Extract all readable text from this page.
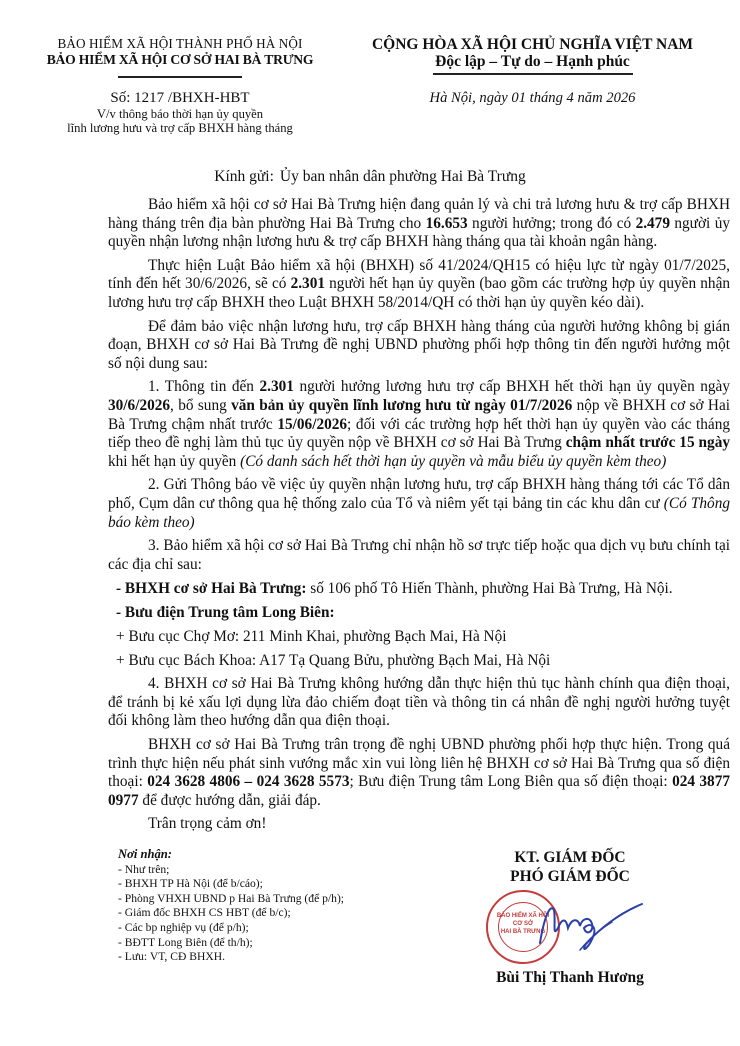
BẢO HIỂM XÃ HỘI THÀNH PHỐ HÀ NỘI
BẢO HIỂM XÃ HỘI CƠ SỞ HAI BÀ TRƯNG
Số: 1217 /BHXH-HBT
V/v thông báo thời hạn ủy quyền
lĩnh lương hưu và trợ cấp BHXH hàng tháng
CỘNG HÒA XÃ HỘI CHỦ NGHĨA VIỆT NAM
Độc lập – Tự do – Hạnh phúc
Hà Nội, ngày 01 tháng 4 năm 2026
Kính gửi: Ủy ban nhân dân phường Hai Bà Trưng

Bảo hiểm xã hội cơ sở Hai Bà Trưng hiện đang quản lý và chi trả lương hưu & trợ cấp BHXH hàng tháng trên địa bàn phường Hai Bà Trưng cho 16.653 người hưởng; trong đó có 2.479 người ủy quyền nhận lương nhận lương hưu & trợ cấp BHXH hàng tháng qua tài khoản ngân hàng.

Thực hiện Luật Bảo hiểm xã hội (BHXH) số 41/2024/QH15 có hiệu lực từ ngày 01/7/2025, tính đến hết 30/6/2026, sẽ có 2.301 người hết hạn ủy quyền (bao gồm các trường hợp ủy quyền nhận lương hưu trợ cấp BHXH theo Luật BHXH 58/2014/QH có thời hạn ủy quyền kéo dài).

Để đảm bảo việc nhận lương hưu, trợ cấp BHXH hàng tháng của người hưởng không bị gián đoạn, BHXH cơ sở Hai Bà Trưng đề nghị UBND phường phối hợp thông tin đến người hưởng một số nội dung sau:

1. Thông tin đến 2.301 người hưởng lương hưu trợ cấp BHXH hết thời hạn ủy quyền ngày 30/6/2026, bổ sung văn bản ủy quyền lĩnh lương hưu từ ngày 01/7/2026 nộp về BHXH cơ sở Hai Bà Trưng chậm nhất trước 15/06/2026; đối với các trường hợp hết thời hạn ủy quyền vào các tháng tiếp theo đề nghị làm thủ tục ủy quyền nộp về BHXH cơ sở Hai Bà Trưng chậm nhất trước 15 ngày khi hết hạn ủy quyền (Có danh sách hết thời hạn ủy quyền và mẫu biểu ủy quyền kèm theo)

2. Gửi Thông báo về việc ủy quyền nhận lương hưu, trợ cấp BHXH hàng tháng tới các Tổ dân phố, Cụm dân cư thông qua hệ thống zalo của Tổ và niêm yết tại bảng tin các khu dân cư (Có Thông báo kèm theo)

3. Bảo hiểm xã hội cơ sở Hai Bà Trưng chỉ nhận hồ sơ trực tiếp hoặc qua dịch vụ bưu chính tại các địa chỉ sau:

- BHXH cơ sở Hai Bà Trưng: số 106 phố Tô Hiến Thành, phường Hai Bà Trưng, Hà Nội.
- Bưu điện Trung tâm Long Biên:
+ Bưu cục Chợ Mơ: 211 Minh Khai, phường Bạch Mai, Hà Nội
+ Bưu cục Bách Khoa: A17 Tạ Quang Bửu, phường Bạch Mai, Hà Nội

4. BHXH cơ sở Hai Bà Trưng không hướng dẫn thực hiện thủ tục hành chính qua điện thoại, để tránh bị kẻ xấu lợi dụng lừa đảo chiếm đoạt tiền và thông tin cá nhân đề nghị người hưởng tuyệt đối không làm theo hướng dẫn qua điện thoại.

BHXH cơ sở Hai Bà Trưng trân trọng đề nghị UBND phường phối hợp thực hiện. Trong quá trình thực hiện nếu phát sinh vướng mắc xin vui lòng liên hệ BHXH cơ sở Hai Bà Trưng qua số điện thoại: 024 3628 4806 – 024 3628 5573; Bưu điện Trung tâm Long Biên qua số điện thoại: 024 3877 0977 để được hướng dẫn, giải đáp.

Trân trọng cảm ơn!

Nơi nhận:
- Như trên;
- BHXH TP Hà Nội (để b/cáo);
- Phòng VHXH UBND p Hai Bà Trưng (để p/h);
- Giám đốc BHXH CS HBT (để b/c);
- Các bp nghiệp vụ (để p/h);
- BĐTT Long Biên (để th/h);
- Lưu: VT, CĐ BHXH.
KT. GIÁM ĐỐC
PHÓ GIÁM ĐỐC
BẢO HIỂM XÃ HỘI
CƠ SỞ
HAI BÀ TRƯNG
Bùi Thị Thanh Hương
